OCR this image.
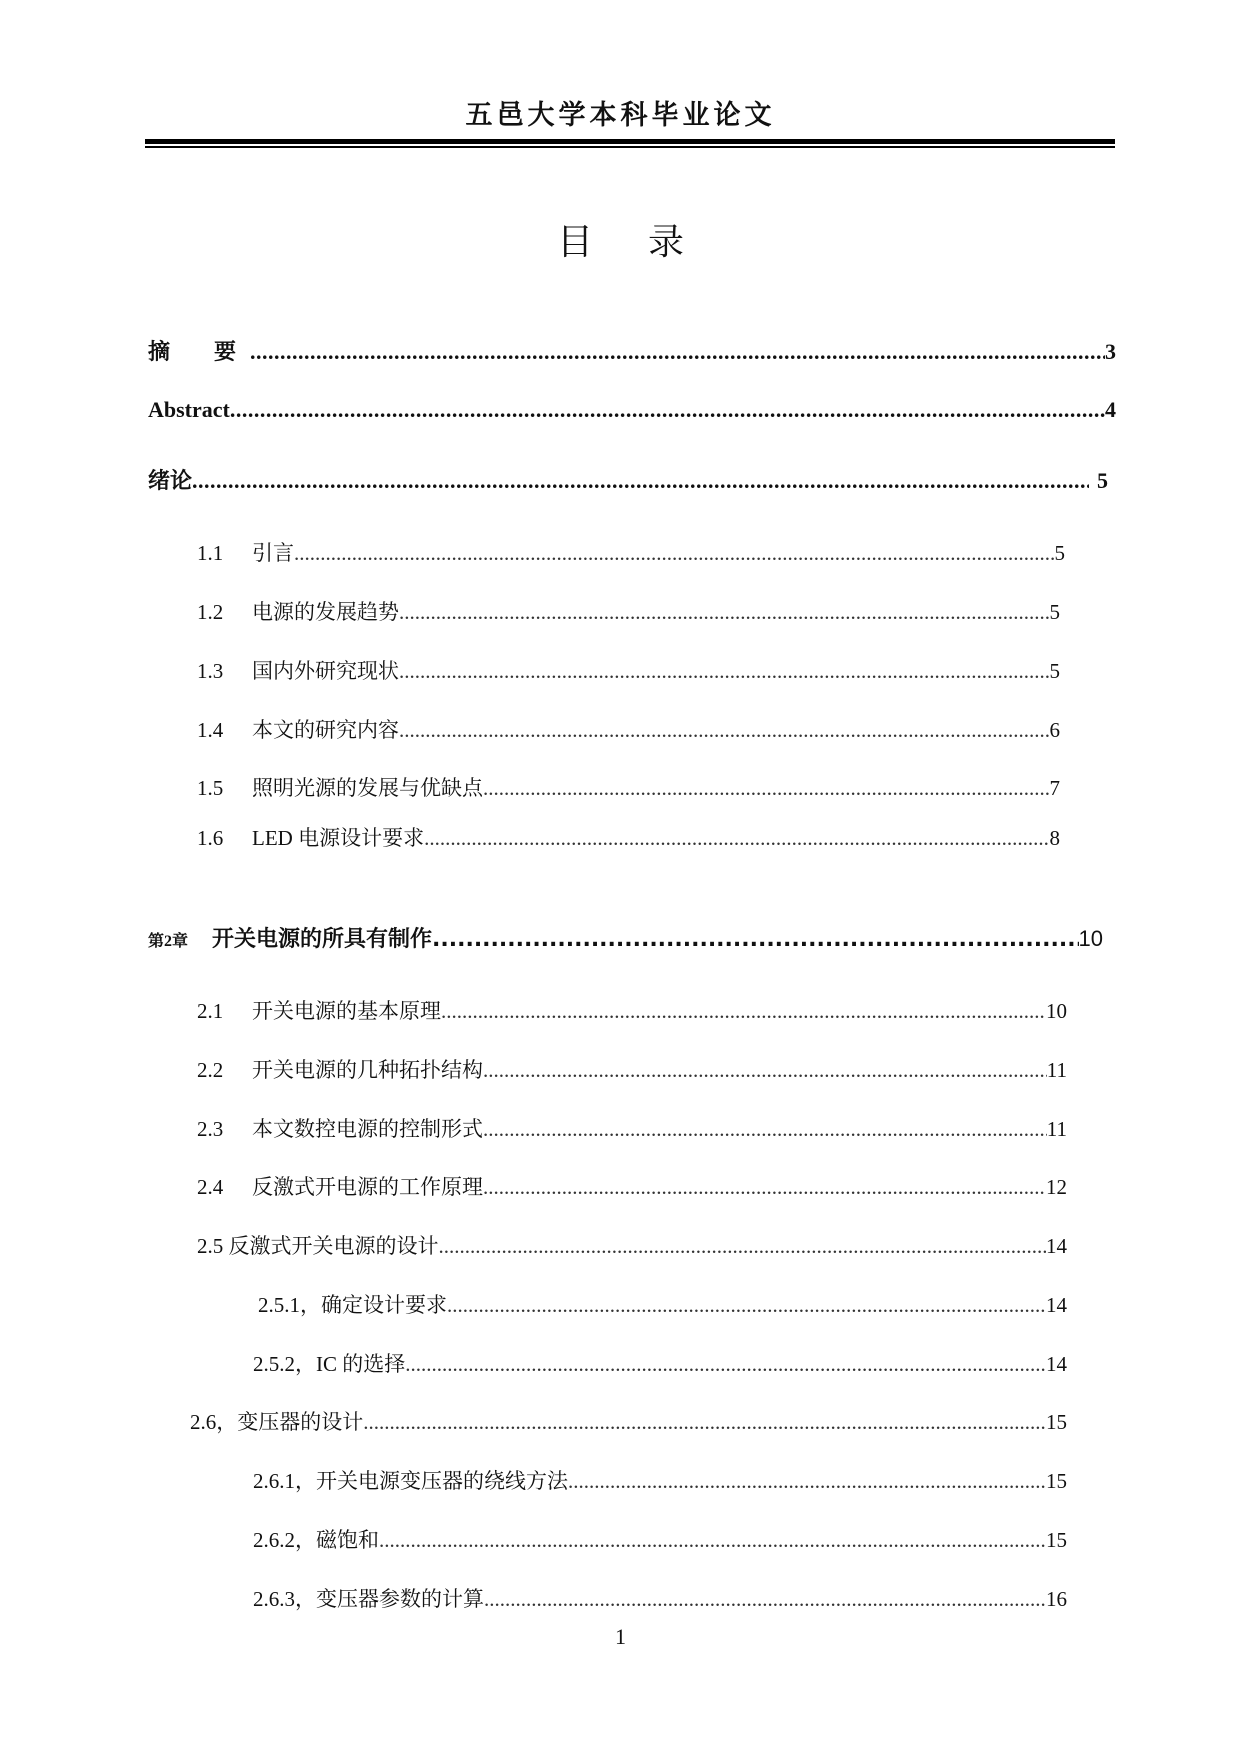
五邑大学本科毕业论文
目 录
摘　　要 .....	3
Abstract .....	4
绪论 .....	5
1.1 引言 .....	5
1.2 电源的发展趋势 .....	5
1.3 国内外研究现状 .....	5
1.4 本文的研究内容 .....	6
1.5 照明光源的发展与优缺点 .....	7
1.6 LED 电源设计要求 .....	8
第2章 开关电源的所具有制作 .....	10
2.1 开关电源的基本原理 .....	10
2.2 开关电源的几种拓扑结构 .....	11
2.3 本文数控电源的控制形式 .....	11
2.4 反激式开电源的工作原理 .....	12
2.5 反激式开关电源的设计 .....	14
2.5.1，确定设计要求 .....	14
2.5.2，IC 的选择 .....	14
2.6，变压器的设计 .....	15
2.6.1，开关电源变压器的绕线方法 .....	15
2.6.2，磁饱和 .....	15
2.6.3，变压器参数的计算 .....	16
1
